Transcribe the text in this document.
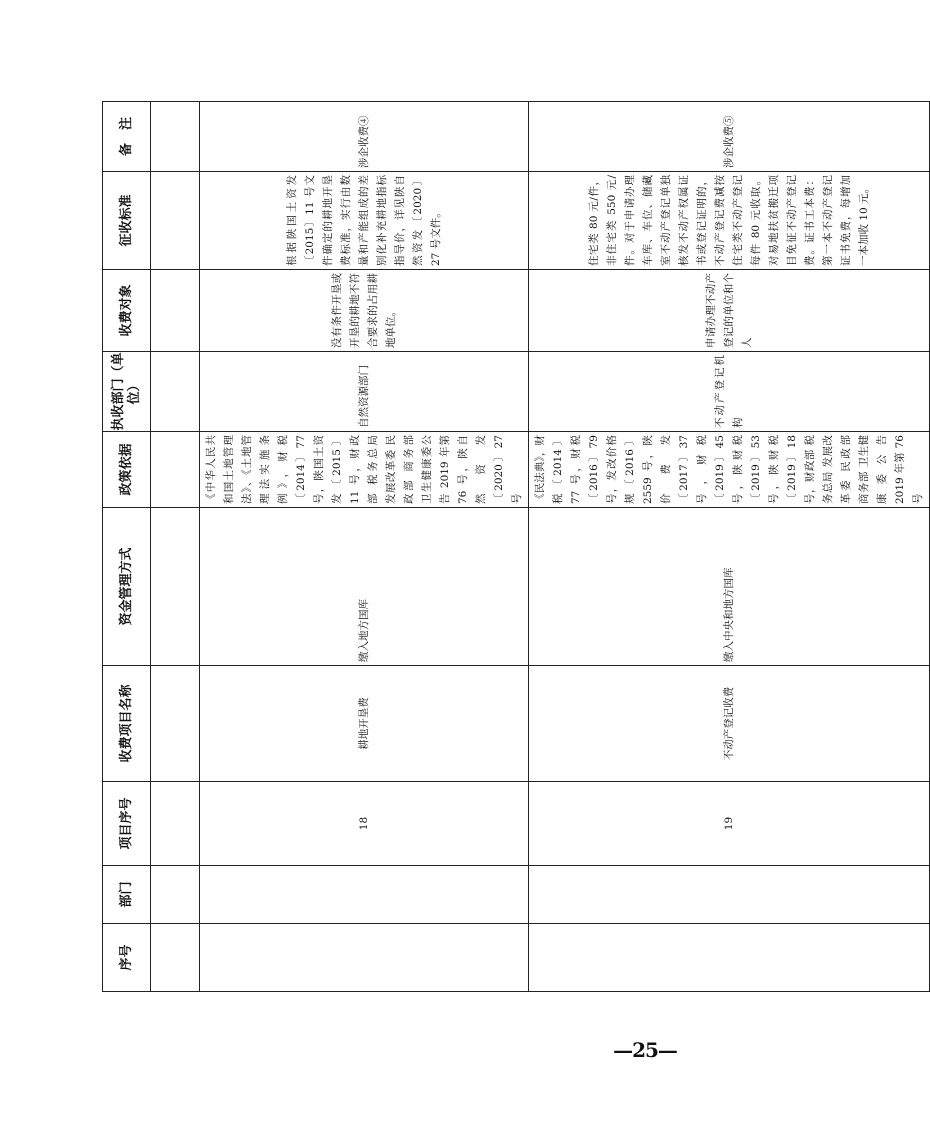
序号	部门	项目序号	收费项目名称	资金管理方式	政策依据	执收部门（单位）	收费对象	征收标准	备　注

		18	耕地开垦费	缴入地方国库	《中华人民共和国土地管理法》、《土地管理法实施条例》，财税〔2014〕77 号，陕国土资发〔2015〕11 号，财政部 税务总局 发展改革委 民政部 商务部 卫生健康委公告 2019 年第 76 号，陕自然资发〔2020〕27 号	自然资源部门	没有条件开垦或开垦的耕地不符合要求的占用耕地单位。	根据陕国土资发〔2015〕11 号文件确定的耕地开垦费标准，实行由数量和产能组成的差别化补充耕地指标指导价，详见陕自然资发〔2020〕27 号文件。	涉企收费④

		19	不动产登记收费	缴入中央和地方国库	《民法典》，财税〔2014〕77 号，财税〔2016〕79 号，发改价格规〔2016〕2559 号，陕价费发〔2017〕37 号，财税〔2019〕45 号，陕财税〔2019〕53 号，陕财税〔2019〕18 号，财政部 税务总局 发展改革委 民政部 商务部 卫生健康委公告 2019 年第 76 号	不动产登记机构	申请办理不动产登记的单位和个人	住宅类 80 元/件，非住宅类 550 元/件。对于申请办理车库、车位、储藏室不动产登记单独核发不动产权属证书或登记证明的，不动产登记费减按住宅类不动产登记每件 80 元收取。对易地扶贫搬迁项目免征不动产登记费。证书工本费：第一本不动产登记证书免费，每增加一本加收 10 元。	涉企收费⑤
—25—
